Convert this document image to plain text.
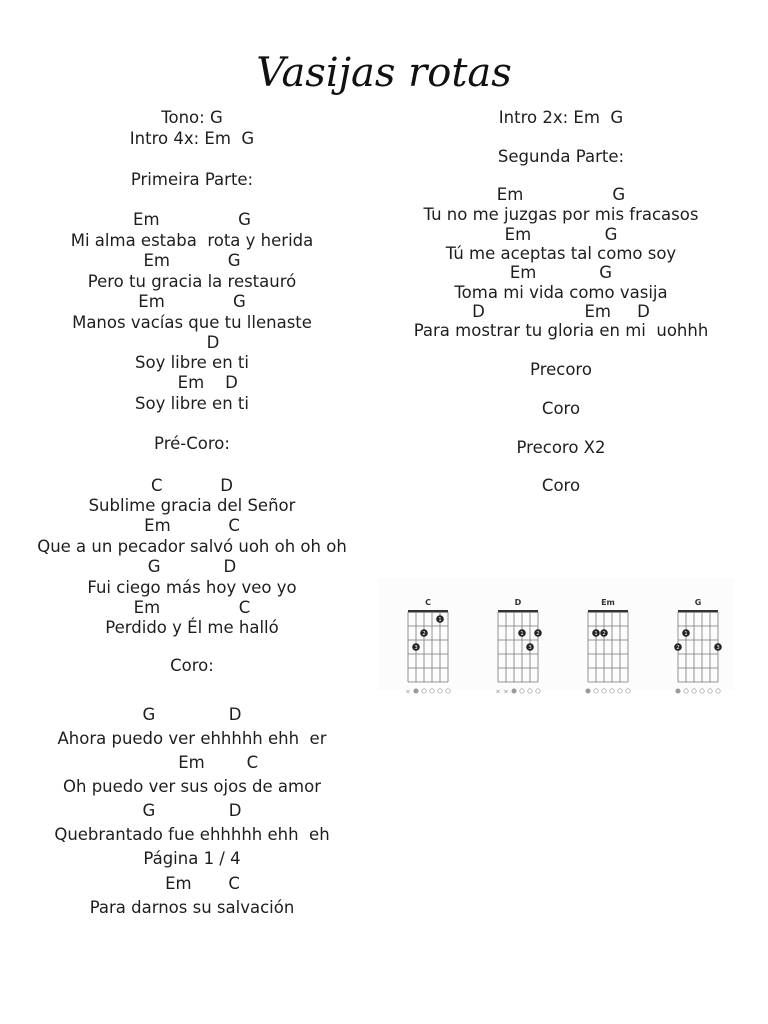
Vasijas rotas
Tono: G
Intro 4x: Em  G
Primeira Parte:
Em               G
Mi alma estaba  rota y herida
Em           G
Pero tu gracia la restauró
Em             G
Manos vacías que tu llenaste
D
Soy libre en ti
Em    D
Soy libre en ti
Pré-Coro:
C           D
Sublime gracia del Señor
Em           C
Que a un pecador salvó uoh oh oh oh
G            D
Fui ciego más hoy veo yo
Em               C
Perdido y Él me halló
Coro:
G              D
Ahora puedo ver ehhhhh ehh  er
Em        C
Oh puedo ver sus ojos de amor
G              D
Quebrantado fue ehhhhh ehh  eh
Página 1 / 4
Em       C
Para darnos su salvación
Intro 2x: Em  G
Segunda Parte:
Em                 G
Tu no me juzgas por mis fracasos
Em              G
Tú me aceptas tal como soy
Em            G
Toma mi vida como vasija
D                   Em     D
Para mostrar tu gloria en mi  uohhh
Precoro
Coro
Precoro X2
Coro
C
1
2
3
×
D
1 2
3
× ×
Em
1 2
G
1
2	3
